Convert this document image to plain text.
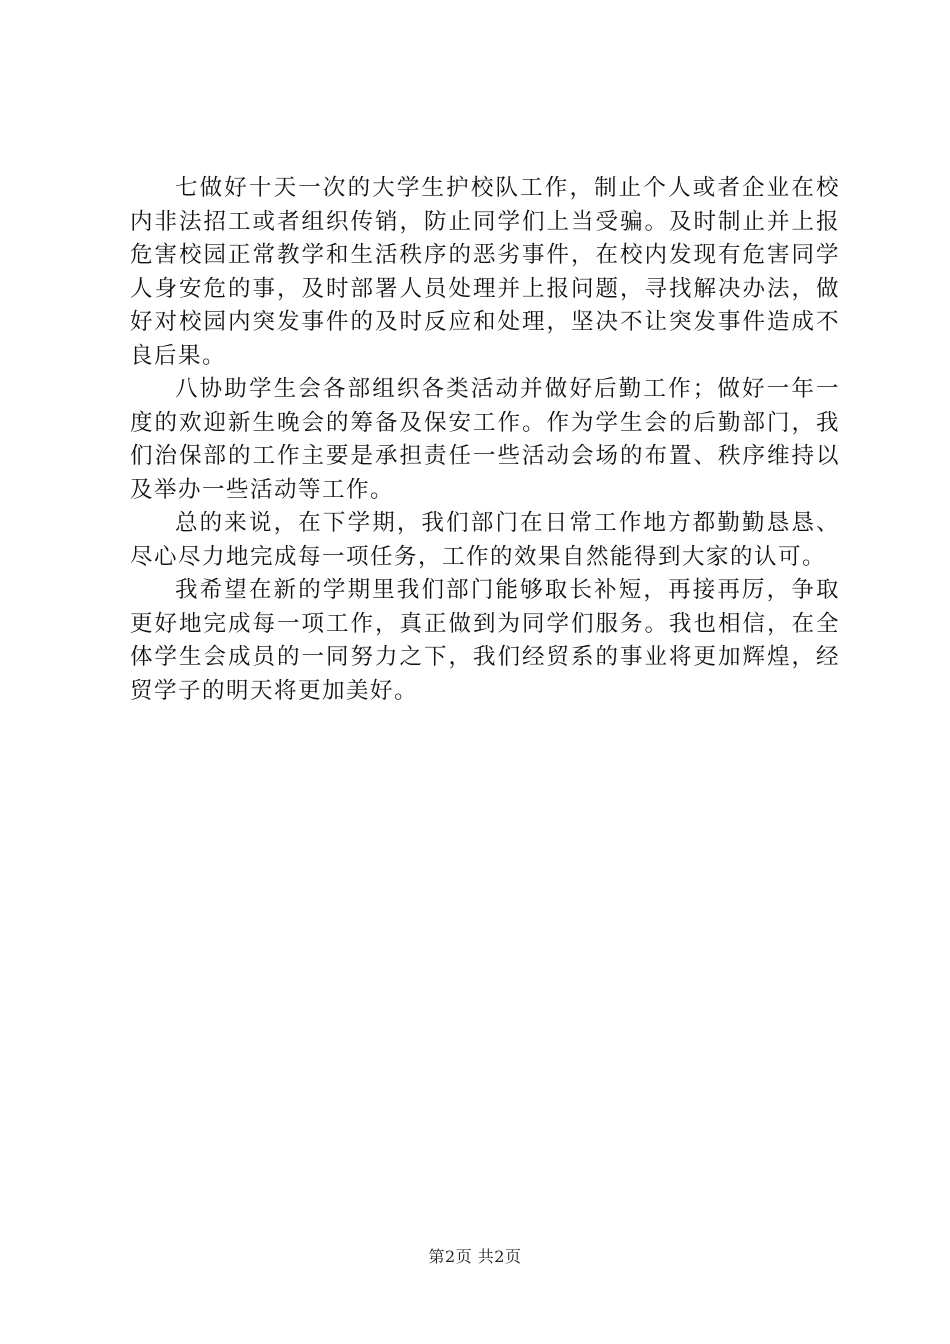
七做好十天一次的大学生护校队工作，制止个人或者企业在校内非法招工或者组织传销，防止同学们上当受骗。及时制止并上报危害校园正常教学和生活秩序的恶劣事件，在校内发现有危害同学人身安危的事，及时部署人员处理并上报问题，寻找解决办法，做好对校园内突发事件的及时反应和处理，坚决不让突发事件造成不良后果。

八协助学生会各部组织各类活动并做好后勤工作；做好一年一度的欢迎新生晚会的筹备及保安工作。作为学生会的后勤部门，我们治保部的工作主要是承担责任一些活动会场的布置、秩序维持以及举办一些活动等工作。

总的来说，在下学期，我们部门在日常工作地方都勤勤恳恳、尽心尽力地完成每一项任务，工作的效果自然能得到大家的认可。

我希望在新的学期里我们部门能够取长补短，再接再厉，争取更好地完成每一项工作，真正做到为同学们服务。我也相信，在全体学生会成员的一同努力之下，我们经贸系的事业将更加辉煌，经贸学子的明天将更加美好。

第2页 共2页
